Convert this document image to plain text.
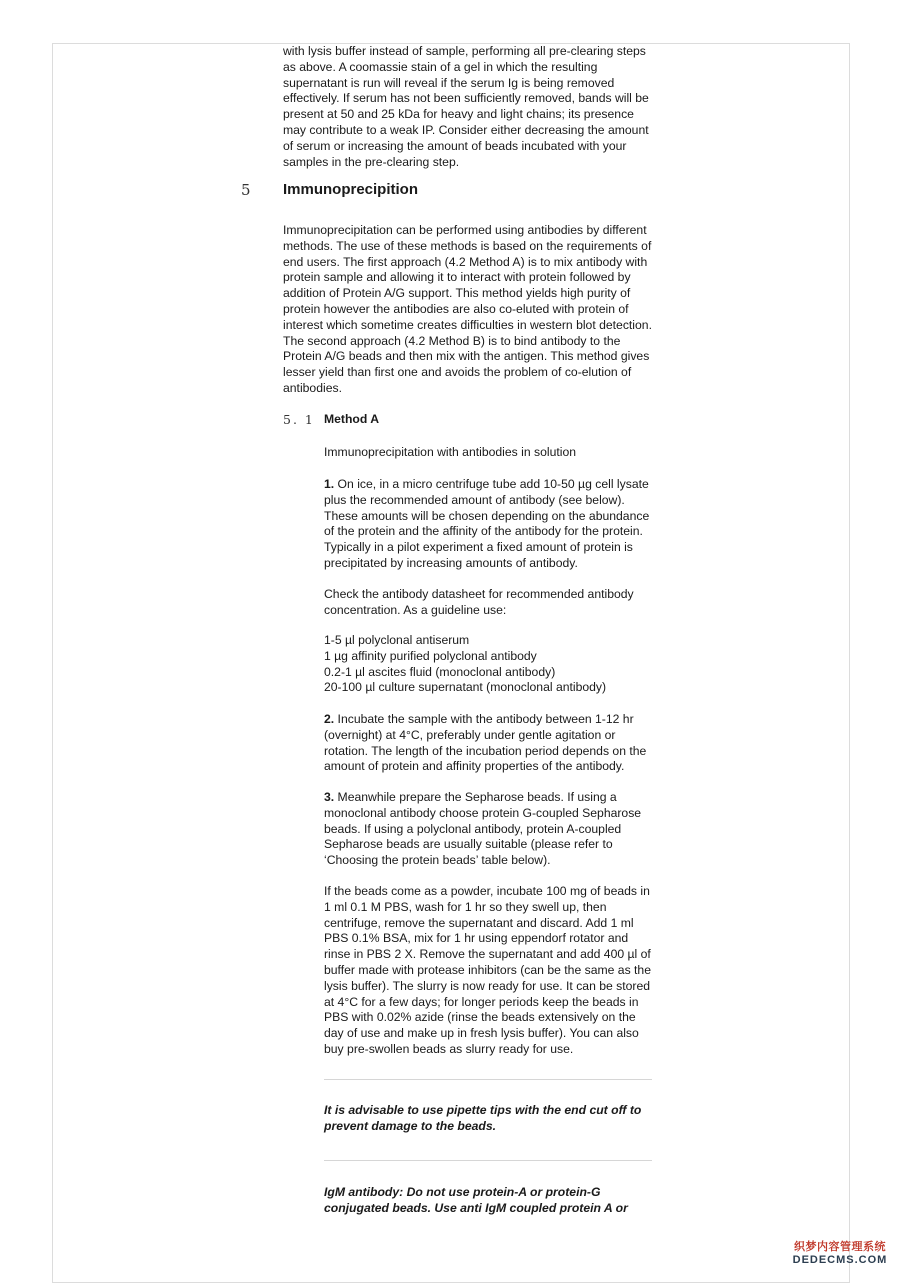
with lysis buffer instead of sample, performing all pre-clearing steps as above. A coomassie stain of a gel in which the resulting supernatant is run will reveal if the serum Ig is being removed effectively. If serum has not been sufficiently removed, bands will be present at 50 and 25 kDa for heavy and light chains; its presence may contribute to a weak IP. Consider either decreasing the amount of serum or increasing the amount of beads incubated with your samples in the pre-clearing step.

5 Immunoprecipition

Immunoprecipitation can be performed using antibodies by different methods. The use of these methods is based on the requirements of end users. The first approach (4.2 Method A) is to mix antibody with protein sample and allowing it to interact with protein followed by addition of Protein A/G support. This method yields high purity of protein however the antibodies are also co-eluted with protein of interest which sometime creates difficulties in western blot detection. The second approach (4.2 Method B) is to bind antibody to the Protein A/G beads and then mix with the antigen. This method gives lesser yield than first one and avoids the problem of co-elution of antibodies.

5. 1 Method A

Immunoprecipitation with antibodies in solution

1. On ice, in a micro centrifuge tube add 10-50 µg cell lysate plus the recommended amount of antibody (see below). These amounts will be chosen depending on the abundance of the protein and the affinity of the antibody for the protein. Typically in a pilot experiment a fixed amount of protein is precipitated by increasing amounts of antibody.

Check the antibody datasheet for recommended antibody concentration. As a guideline use:

1-5 µl polyclonal antiserum

1 µg affinity purified polyclonal antibody

0.2-1 µl ascites fluid (monoclonal antibody)

20-100 µl culture supernatant (monoclonal antibody)

2. Incubate the sample with the antibody between 1-12 hr (overnight) at 4°C, preferably under gentle agitation or rotation. The length of the incubation period depends on the amount of protein and affinity properties of the antibody.

3. Meanwhile prepare the Sepharose beads. If using a monoclonal antibody choose protein G-coupled Sepharose beads. If using a polyclonal antibody, protein A-coupled Sepharose beads are usually suitable (please refer to ‘Choosing the protein beads’ table below).

If the beads come as a powder, incubate 100 mg of beads in 1 ml 0.1 M PBS, wash for 1 hr so they swell up, then centrifuge, remove the supernatant and discard. Add 1 ml PBS 0.1% BSA, mix for 1 hr using eppendorf rotator and rinse in PBS 2 X. Remove the supernatant and add 400 µl of buffer made with protease inhibitors (can be the same as the lysis buffer). The slurry is now ready for use. It can be stored at 4°C for a few days; for longer periods keep the beads in PBS with 0.02% azide (rinse the beads extensively on the day of use and make up in fresh lysis buffer). You can also buy pre-swollen beads as slurry ready for use.

It is advisable to use pipette tips with the end cut off to prevent damage to the beads.

IgM antibody: Do not use protein-A or protein-G conjugated beads. Use anti IgM coupled protein A or

织梦内容管理系统
DEDECMS.COM
